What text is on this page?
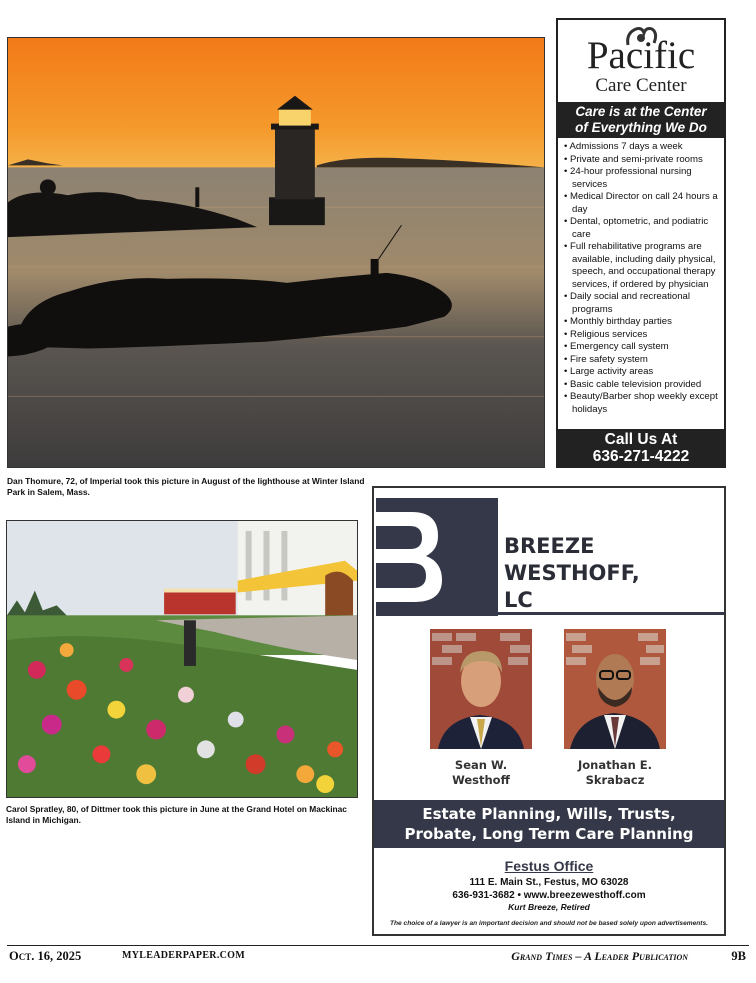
Dan Thomure, 72, of Imperial took this picture in August of the lighthouse at Winter Island Park in Salem, Mass.
Carol Spratley, 80, of Dittmer took this picture in June at the Grand Hotel on Mackinac Island in Michigan.
Pacific
Care Center
Care is at the Center
of Everything We Do
• Admissions 7 days a week
• Private and semi-private rooms
• 24-hour professional nursing services
• Medical Director on call 24 hours a day
• Dental, optometric, and podiatric care
• Full rehabilitative programs are available, including daily physical, speech, and occupational therapy services, if ordered by physician
• Daily social and recreational programs
• Monthly birthday parties
• Religious services
• Emergency call system
• Fire safety system
• Large activity areas
• Basic cable television provided
• Beauty/Barber shop weekly except holidays
Call Us At
636-271-4222
BREEZE
WESTHOFF,
LC
Sean W.
Westhoff
Jonathan E.
Skrabacz
Estate Planning, Wills, Trusts,
Probate, Long Term Care Planning
Festus Office
111 E. Main St., Festus, MO 63028
636-931-3682 • www.breezewesthoff.com
Kurt Breeze, Retired
The choice of a lawyer is an important decision and should not be based solely upon advertisements.
Oct. 16, 2025	MYLEADERPAPER.COM	Grand Times – A Leader Publication	9B
